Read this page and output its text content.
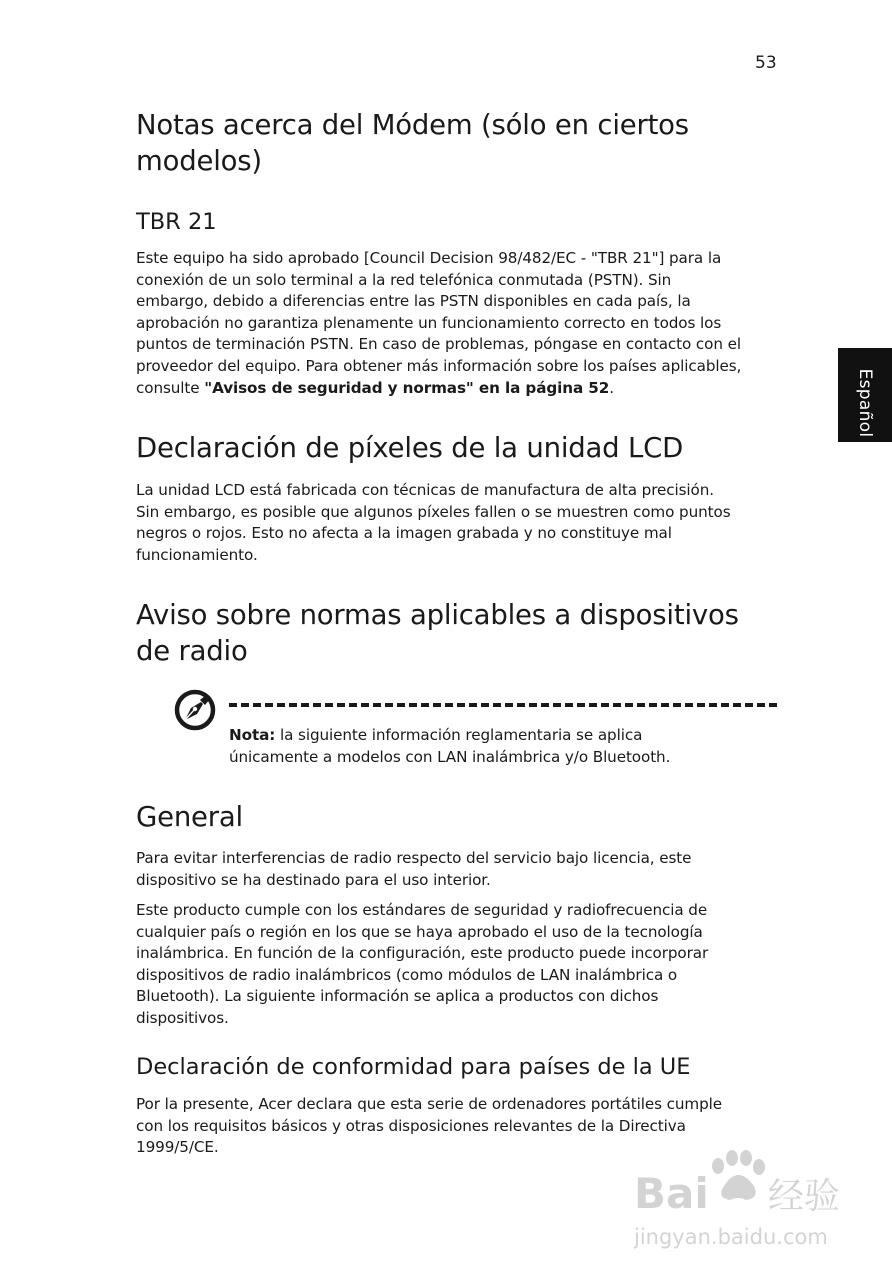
53
Español
Notas acerca del Módem (sólo en ciertos
modelos)
TBR 21

Este equipo ha sido aprobado [Council Decision 98/482/EC - "TBR 21"] para la
conexión de un solo terminal a la red telefónica conmutada (PSTN). Sin
embargo, debido a diferencias entre las PSTN disponibles en cada país, la
aprobación no garantiza plenamente un funcionamiento correcto en todos los
puntos de terminación PSTN. En caso de problemas, póngase en contacto con el
proveedor del equipo. Para obtener más información sobre los países aplicables,
consulte "Avisos de seguridad y normas" en la página 52.

Declaración de píxeles de la unidad LCD

La unidad LCD está fabricada con técnicas de manufactura de alta precisión.
Sin embargo, es posible que algunos píxeles fallen o se muestren como puntos
negros o rojos. Esto no afecta a la imagen grabada y no constituye mal
funcionamiento.

Aviso sobre normas aplicables a dispositivos
de radio
General

Para evitar interferencias de radio respecto del servicio bajo licencia, este
dispositivo se ha destinado para el uso interior.

Este producto cumple con los estándares de seguridad y radiofrecuencia de
cualquier país o región en los que se haya aprobado el uso de la tecnología
inalámbrica. En función de la configuración, este producto puede incorporar
dispositivos de radio inalámbricos (como módulos de LAN inalámbrica o
Bluetooth). La siguiente información se aplica a productos con dichos
dispositivos.

Declaración de conformidad para países de la UE

Por la presente, Acer declara que esta serie de ordenadores portátiles cumple
con los requisitos básicos y otras disposiciones relevantes de la Directiva
1999/5/CE.

Nota: la siguiente información reglamentaria se aplica
únicamente a modelos con LAN inalámbrica y/o Bluetooth.

Bai du 经验
jingyan.baidu.com
